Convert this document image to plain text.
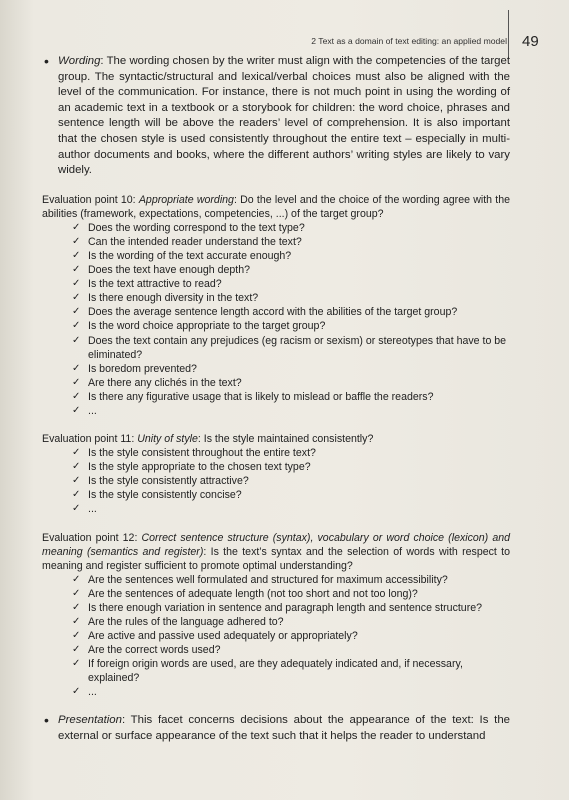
2 Text as a domain of text editing: an applied model 49

• Wording: The wording chosen by the writer must align with the competencies of the target group. The syntactic/structural and lexical/verbal choices must also be aligned with the level of the communication. For instance, there is not much point in using the wording of an academic text in a textbook or a storybook for children: the word choice, phrases and sentence length will be above the readers’ level of comprehension. It is also important that the chosen style is used consistently throughout the entire text – especially in multi-author documents and books, where the different authors’ writing styles are likely to vary widely.

Evaluation point 10: Appropriate wording: Do the level and the choice of the wording agree with the abilities (framework, expectations, competencies, ...) of the target group?

✓ Does the wording correspond to the text type?
✓ Can the intended reader understand the text?
✓ Is the wording of the text accurate enough?
✓ Does the text have enough depth?
✓ Is the text attractive to read?
✓ Is there enough diversity in the text?
✓ Does the average sentence length accord with the abilities of the target group?
✓ Is the word choice appropriate to the target group?
✓ Does the text contain any prejudices (eg racism or sexism) or stereotypes that have to be eliminated?
✓ Is boredom prevented?
✓ Are there any clichés in the text?
✓ Is there any figurative usage that is likely to mislead or baffle the readers?
✓ ...

Evaluation point 11: Unity of style: Is the style maintained consistently?

✓ Is the style consistent throughout the entire text?
✓ Is the style appropriate to the chosen text type?
✓ Is the style consistently attractive?
✓ Is the style consistently concise?
✓ ...

Evaluation point 12: Correct sentence structure (syntax), vocabulary or word choice (lexicon) and meaning (semantics and register): Is the text’s syntax and the selection of words with respect to meaning and register sufficient to promote optimal understanding?

✓ Are the sentences well formulated and structured for maximum accessibility?
✓ Are the sentences of adequate length (not too short and not too long)?
✓ Is there enough variation in sentence and paragraph length and sentence structure?
✓ Are the rules of the language adhered to?
✓ Are active and passive used adequately or appropriately?
✓ Are the correct words used?
✓ If foreign origin words are used, are they adequately indicated and, if necessary, explained?
✓ ...

• Presentation: This facet concerns decisions about the appearance of the text: Is the external or surface appearance of the text such that it helps the reader to understand
